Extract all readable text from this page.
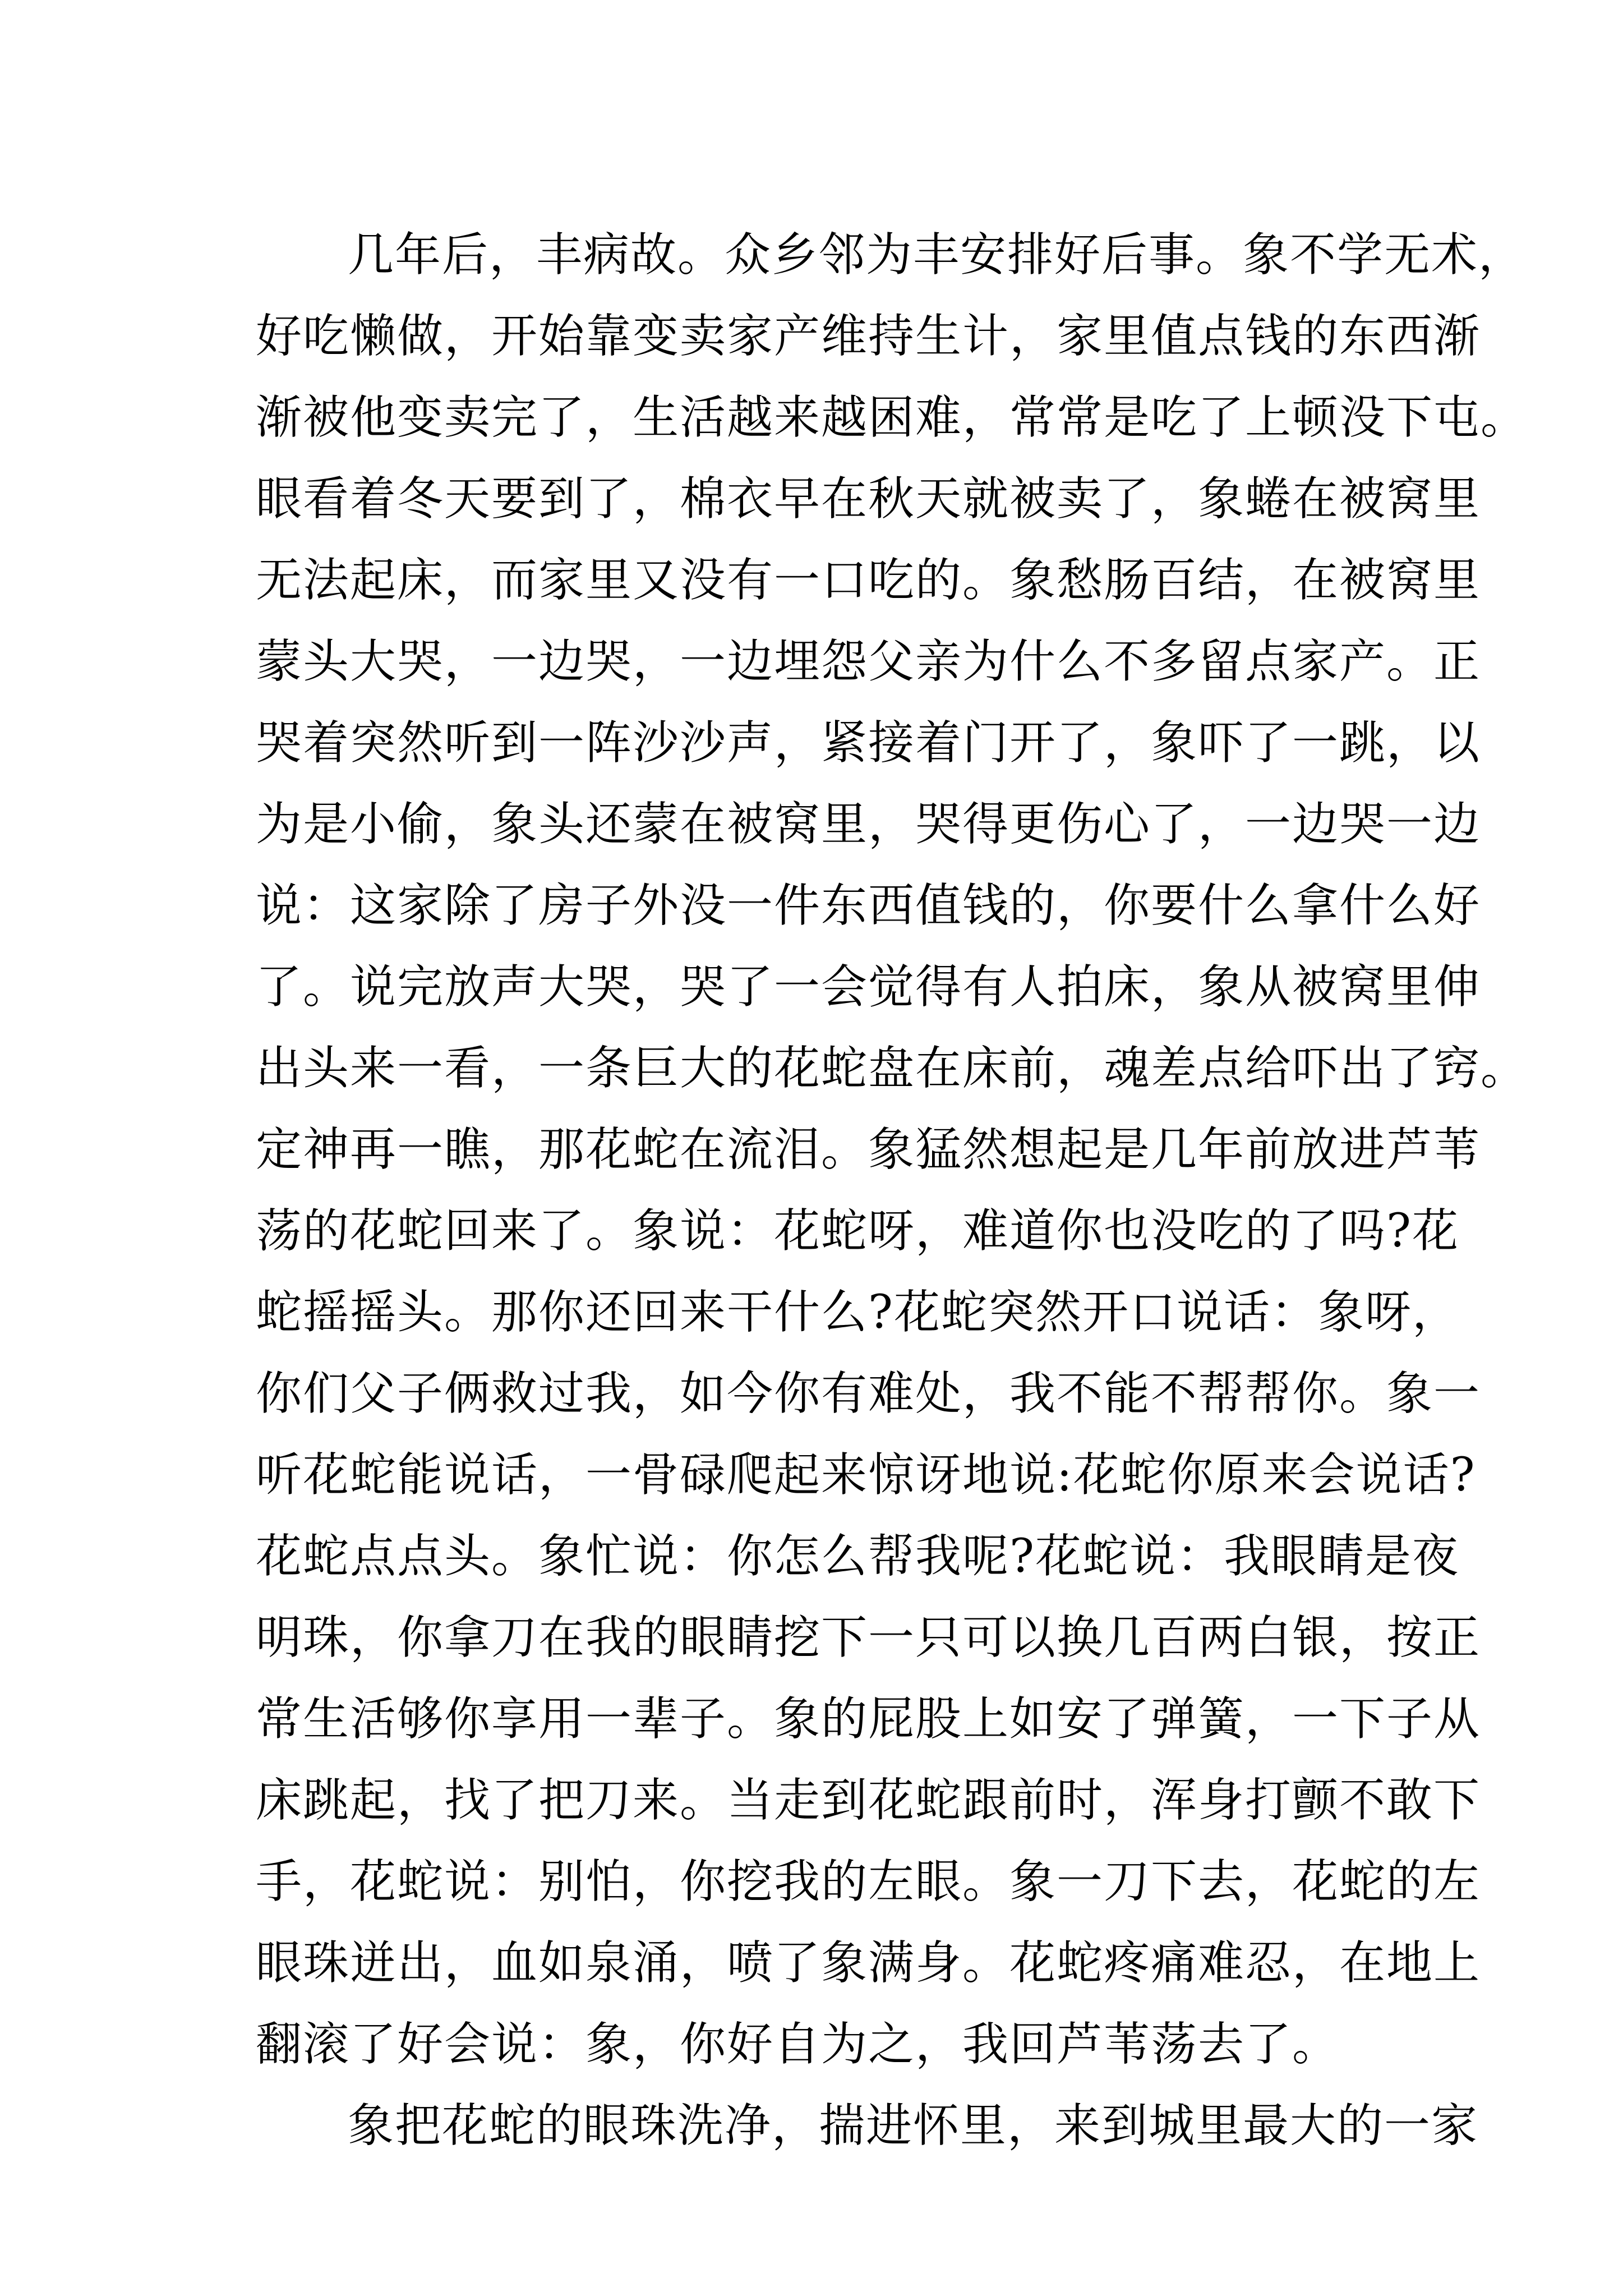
几年后，丰病故。众乡邻为丰安排好后事。象不学无术，
好吃懒做，开始靠变卖家产维持生计，家里值点钱的东西渐
渐被他变卖完了，生活越来越困难，常常是吃了上顿没下屯。
眼看着冬天要到了，棉衣早在秋天就被卖了，象蜷在被窝里
无法起床，而家里又没有一口吃的。象愁肠百结，在被窝里
蒙头大哭，一边哭，一边埋怨父亲为什么不多留点家产。正
哭着突然听到一阵沙沙声，紧接着门开了，象吓了一跳，以
为是小偷，象头还蒙在被窝里，哭得更伤心了，一边哭一边
说：这家除了房子外没一件东西值钱的，你要什么拿什么好
了。说完放声大哭，哭了一会觉得有人拍床，象从被窝里伸
出头来一看，一条巨大的花蛇盘在床前，魂差点给吓出了窍。
定神再一瞧，那花蛇在流泪。象猛然想起是几年前放进芦苇
荡的花蛇回来了。象说：花蛇呀，难道你也没吃的了吗?花
蛇摇摇头。那你还回来干什么?花蛇突然开口说话：象呀，
你们父子俩救过我，如今你有难处，我不能不帮帮你。象一
听花蛇能说话，一骨碌爬起来惊讶地说:花蛇你原来会说话?
花蛇点点头。象忙说：你怎么帮我呢?花蛇说：我眼睛是夜
明珠，你拿刀在我的眼睛挖下一只可以换几百两白银，按正
常生活够你享用一辈子。象的屁股上如安了弹簧，一下子从
床跳起，找了把刀来。当走到花蛇跟前时，浑身打颤不敢下
手，花蛇说：别怕，你挖我的左眼。象一刀下去，花蛇的左
眼珠迸出，血如泉涌，喷了象满身。花蛇疼痛难忍，在地上
翻滚了好会说：象，你好自为之，我回芦苇荡去了。
象把花蛇的眼珠洗净，揣进怀里，来到城里最大的一家
